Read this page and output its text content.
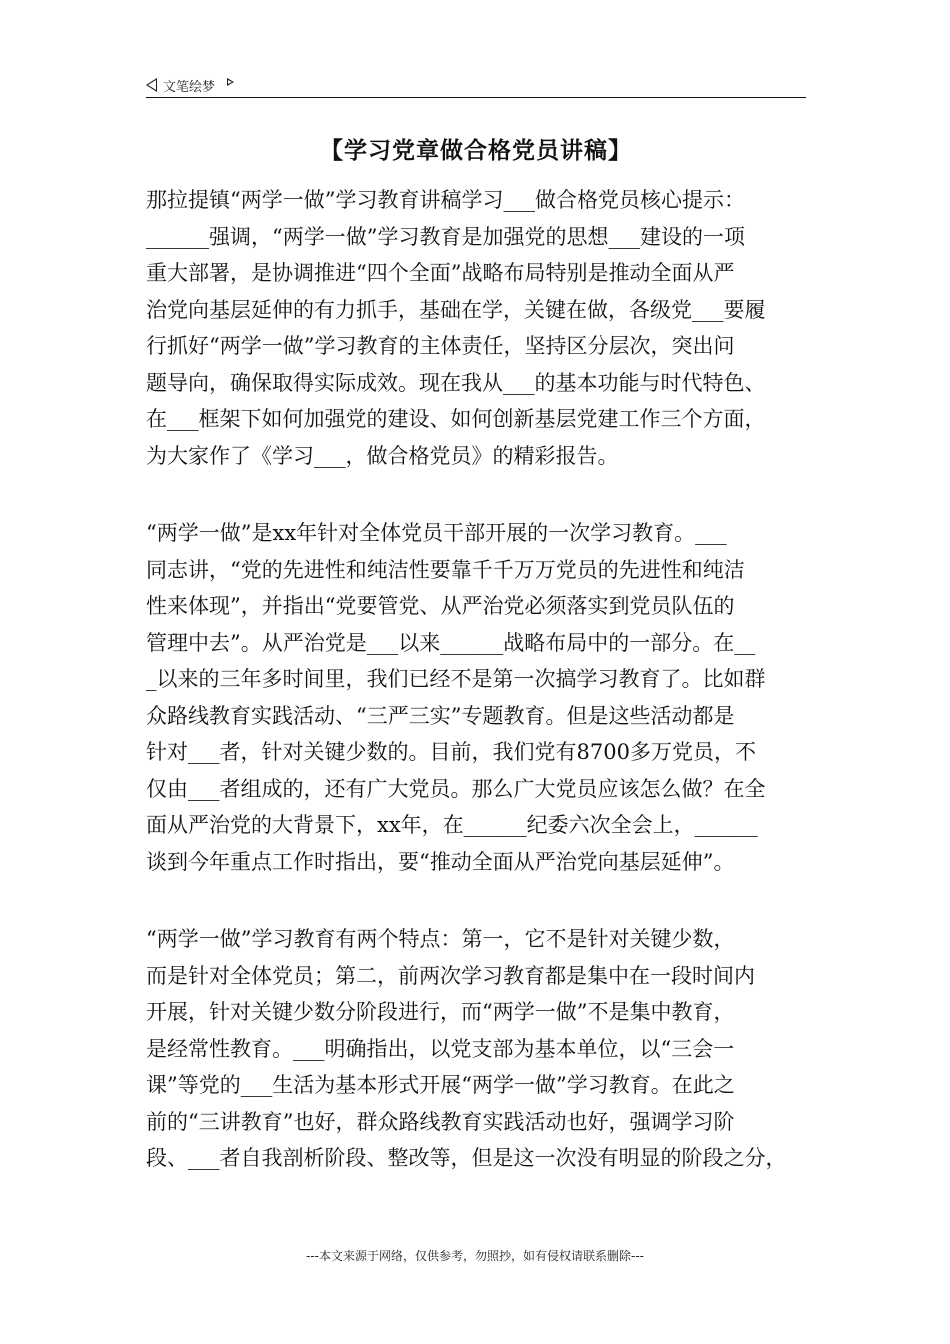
文笔绘梦
【学习党章做合格党员讲稿】
那拉提镇“两学一做”学习教育讲稿学习___做合格党员核心提示：
______强调，“两学一做”学习教育是加强党的思想___建设的一项
重大部署，是协调推进“四个全面”战略布局特别是推动全面从严
治党向基层延伸的有力抓手，基础在学，关键在做，各级党___要履
行抓好“两学一做”学习教育的主体责任，坚持区分层次，突出问
题导向，确保取得实际成效。现在我从___的基本功能与时代特色、
在___框架下如何加强党的建设、如何创新基层党建工作三个方面，
为大家作了《学习___，做合格党员》的精彩报告。
“两学一做”是xx年针对全体党员干部开展的一次学习教育。___
同志讲，“党的先进性和纯洁性要靠千千万万党员的先进性和纯洁
性来体现”，并指出“党要管党、从严治党必须落实到党员队伍的
管理中去”。从严治党是___以来______战略布局中的一部分。在__
_以来的三年多时间里，我们已经不是第一次搞学习教育了。比如群
众路线教育实践活动、“三严三实”专题教育。但是这些活动都是
针对___者，针对关键少数的。目前，我们党有8700多万党员，不
仅由___者组成的，还有广大党员。那么广大党员应该怎么做？在全
面从严治党的大背景下，xx年，在______纪委六次全会上，______
谈到今年重点工作时指出，要“推动全面从严治党向基层延伸”。
“两学一做”学习教育有两个特点：第一，它不是针对关键少数，
而是针对全体党员；第二，前两次学习教育都是集中在一段时间内
开展，针对关键少数分阶段进行，而“两学一做”不是集中教育，
是经常性教育。___明确指出，以党支部为基本单位，以“三会一
课”等党的___生活为基本形式开展“两学一做”学习教育。在此之
前的“三讲教育”也好，群众路线教育实践活动也好，强调学习阶
段、___者自我剖析阶段、整改等，但是这一次没有明显的阶段之分，
---本文来源于网络，仅供参考，勿照抄，如有侵权请联系删除---
